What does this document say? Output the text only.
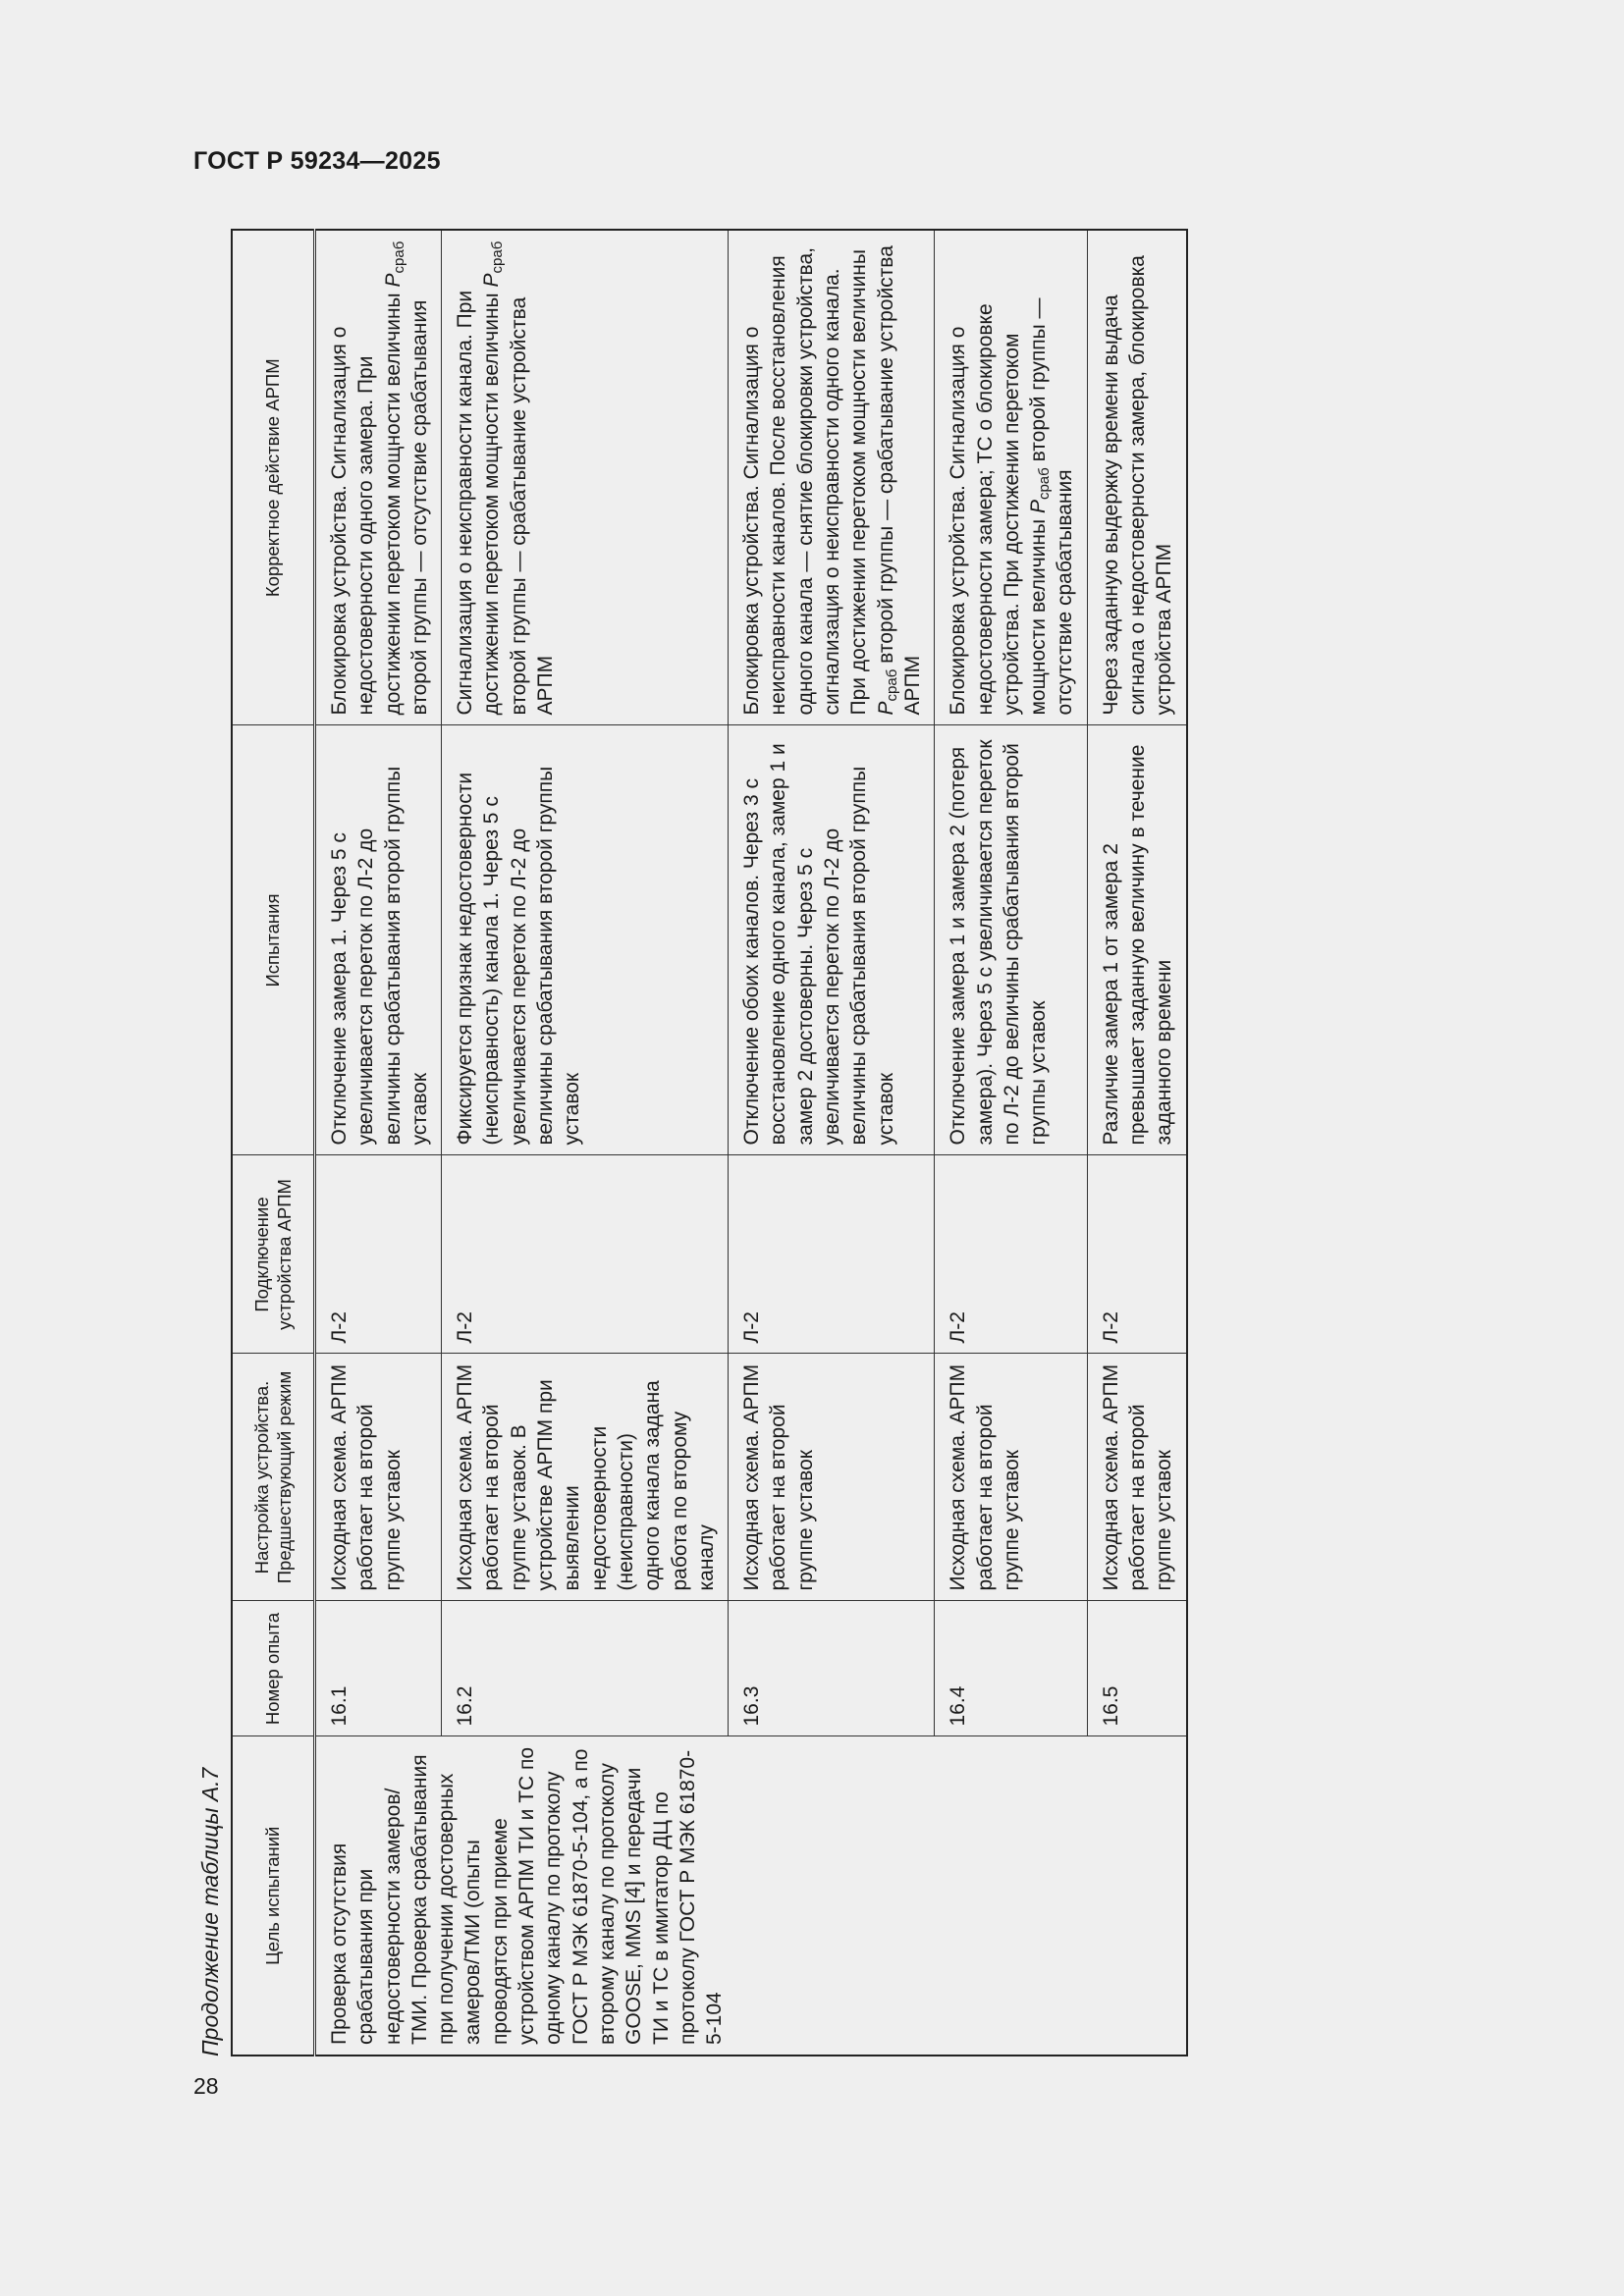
ГОСТ Р 59234—2025
28
Продолжение таблицы А.7	Цель испытаний	Номер опыта	Настройка устройства. Предшествующий режим	Подключение устройства АРПМ	Испытания	Корректное действие АРПМ
Проверка отсутствия срабатывания при недостоверности замеров/ТМИ. Проверка срабатывания при получении достоверных замеров/ТМИ (опыты проводятся при приеме устройством АРПМ ТИ и ТС по одному каналу по протоколу ГОСТ Р МЭК 61870-5-104, а по второму каналу по протоколу GOOSE, MMS [4] и передачи ТИ и ТС в имитатор ДЦ по протоколу ГОСТ Р МЭК 61870-5-104	16.1	Исходная схема. АРПМ работает на второй группе уставок	Л-2	Отключение замера 1. Через 5 с увеличивается переток по Л-2 до величины срабатывания второй группы уставок	Блокировка устройства. Сигнализация о недостоверности одного замера. При достижении перетоком мощности величины $P_{сраб}$ второй группы — отсутствие срабатывания
	16.2	Исходная схема. АРПМ работает на второй группе уставок. В устройстве АРПМ при выявлении недостоверности (неисправности) одного канала задана работа по второму каналу	Л-2	Фиксируется признак недостоверности (неисправность) канала 1. Через 5 с увеличивается переток по Л-2 до величины срабатывания второй группы уставок	Сигнализация о неисправности канала. При достижении перетоком мощности величины $P_{сраб}$ второй группы — срабатывание устройства АРПМ
	16.3	Исходная схема. АРПМ работает на второй группе уставок	Л-2	Отключение обоих каналов. Через 3 с восстановление одного канала, замер 1 и замер 2 достоверны. Через 5 с увеличивается переток по Л-2 до величины срабатывания второй группы уставок	Блокировка устройства. Сигнализация о неисправности каналов. После восстановления одного канала — снятие блокировки устройства, сигнализация о неисправности одного канала. При достижении перетоком мощности величины $P_{сраб}$ второй группы — срабатывание устройства АРПМ
	16.4	Исходная схема. АРПМ работает на второй группе уставок	Л-2	Отключение замера 1 и замера 2 (потеря замера). Через 5 с увеличивается переток по Л-2 до величины срабатывания второй группы уставок	Блокировка устройства. Сигнализация о недостоверности замера; ТС о блокировке устройства. При достижении перетоком мощности величины $P_{сраб}$ второй группы — отсутствие срабатывания
	16.5	Исходная схема. АРПМ работает на второй группе уставок	Л-2	Различие замера 1 от замера 2 превышает заданную величину в течение заданного времени	Через заданную выдержку времени выдача сигнала о недостоверности замера, блокировка устройства АРПМ
